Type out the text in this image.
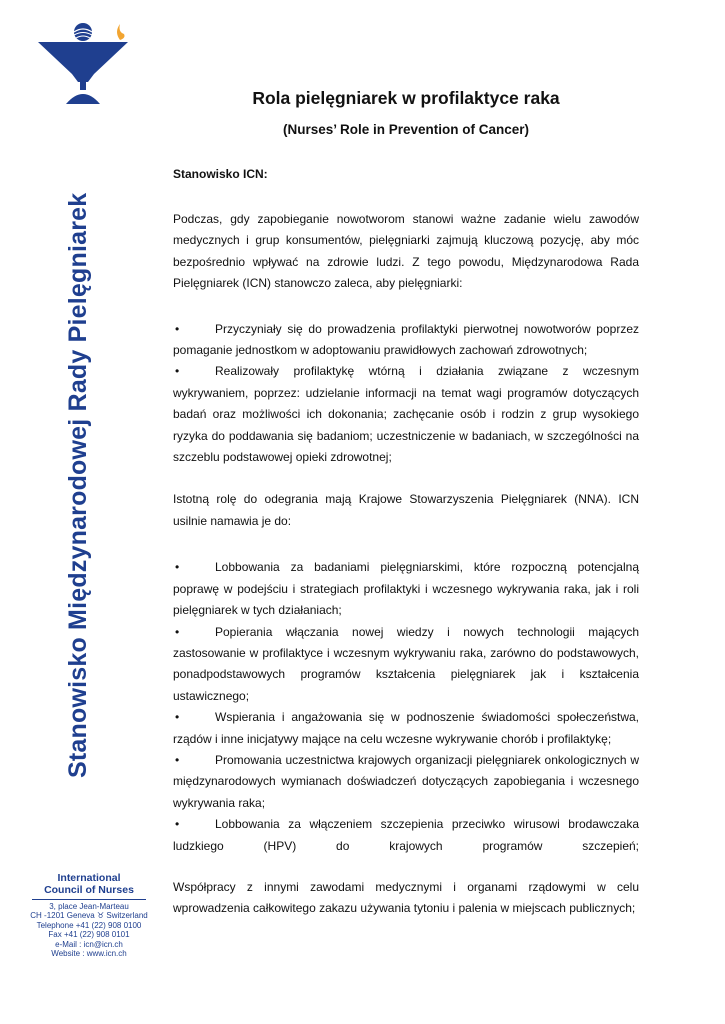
Stanowisko Międzynarodowej Rady Pielęgniarek
International
Council of Nurses
3, place Jean-Marteau
CH -1201 Geneva ♉ Switzerland
Telephone +41 (22) 908 0100
Fax +41 (22) 908 0101
e-Mail : icn@icn.ch
Website : www.icn.ch
Rola pielęgniarek w profilaktyce raka
(Nurses’ Role in Prevention of Cancer)

Stanowisko ICN:

Podczas, gdy zapobieganie nowotworom stanowi ważne zadanie wielu zawodów medycznych i grup konsumentów, pielęgniarki zajmują kluczową pozycję, aby móc bezpośrednio wpływać na zdrowie ludzi. Z tego powodu, Międzynarodowa Rada Pielęgniarek (ICN) stanowczo zaleca, aby pielęgniarki:

•	Przyczyniały się do prowadzenia profilaktyki pierwotnej nowotworów poprzez pomaganie jednostkom w adoptowaniu prawidłowych zachowań zdrowotnych;
•	Realizowały profilaktykę wtórną i działania związane z wczesnym wykrywaniem, poprzez: udzielanie informacji na temat wagi programów dotyczących badań oraz możliwości ich dokonania; zachęcanie osób i rodzin z grup wysokiego ryzyka do poddawania się badaniom; uczestniczenie w badaniach, w szczególności na szczeblu podstawowej opieki zdrowotnej;

Istotną rolę do odegrania mają Krajowe Stowarzyszenia Pielęgniarek (NNA). ICN usilnie namawia je do:

•	Lobbowania za badaniami pielęgniarskimi, które rozpoczną potencjalną poprawę w podejściu i strategiach profilaktyki i wczesnego wykrywania raka, jak i roli pielęgniarek w tych działaniach;
•	Popierania włączania nowej wiedzy i nowych technologii mających zastosowanie w profilaktyce i wczesnym wykrywaniu raka, zarówno do podstawowych, ponadpodstawowych programów kształcenia pielęgniarek jak i kształcenia ustawicznego;
•	Wspierania i angażowania się w podnoszenie świadomości społeczeństwa, rządów i inne inicjatywy mające na celu wczesne wykrywanie chorób i profilaktykę;
•	Promowania uczestnictwa krajowych organizacji pielęgniarek onkologicznych w międzynarodowych wymianach doświadczeń dotyczących zapobiegania i wczesnego wykrywania raka;
•	Lobbowania za włączeniem szczepienia przeciwko wirusowi brodawczaka ludzkiego (HPV) do krajowych programów szczepień;

Współpracy z innymi zawodami medycznymi i organami rządowymi w celu wprowadzenia całkowitego zakazu używania tytoniu i palenia w miejscach publicznych;
